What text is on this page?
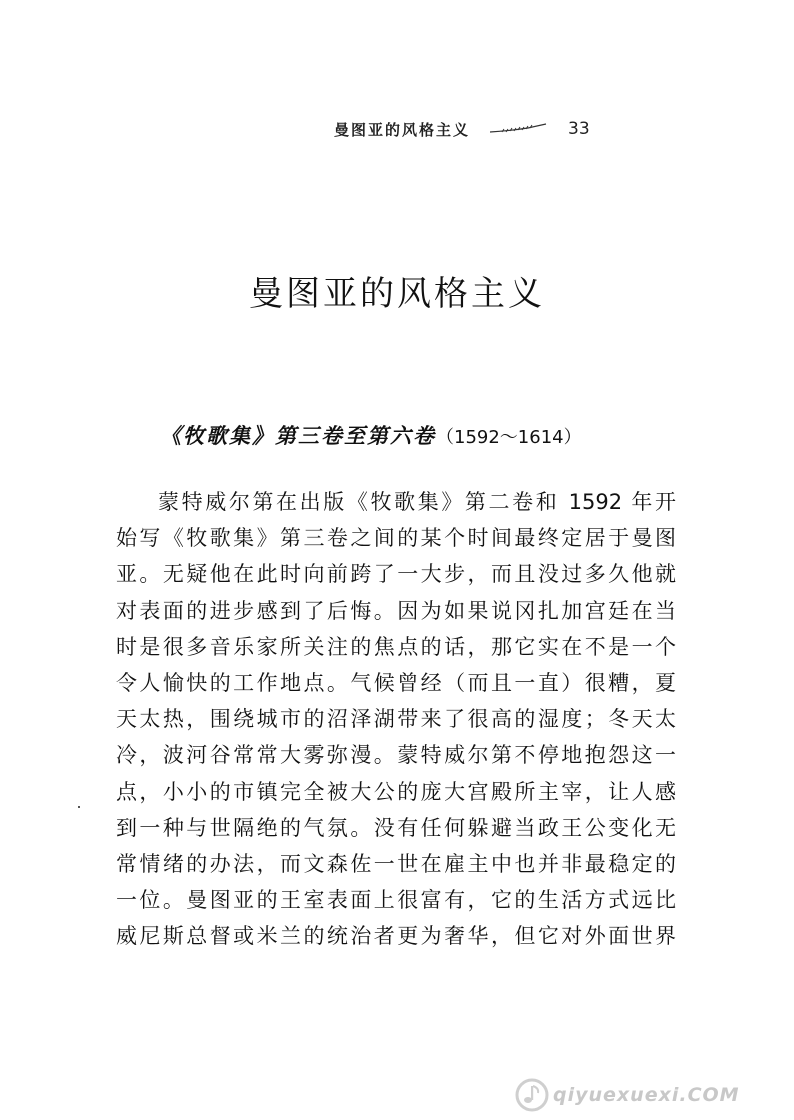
曼图亚的风格主义	33
曼图亚的风格主义
《牧歌集》第三卷至第六卷（1592～1614）
蒙特威尔第在出版《牧歌集》第二卷和 1592 年开
始写《牧歌集》第三卷之间的某个时间最终定居于曼图
亚。无疑他在此时向前跨了一大步，而且没过多久他就
对表面的进步感到了后悔。因为如果说冈扎加宫廷在当
时是很多音乐家所关注的焦点的话，那它实在不是一个
令人愉快的工作地点。气候曾经（而且一直）很糟，夏
天太热，围绕城市的沼泽湖带来了很高的湿度；冬天太
冷，波河谷常常大雾弥漫。蒙特威尔第不停地抱怨这一
点，小小的市镇完全被大公的庞大宫殿所主宰，让人感
到一种与世隔绝的气氛。没有任何躲避当政王公变化无
常情绪的办法，而文森佐一世在雇主中也并非最稳定的
一位。曼图亚的王室表面上很富有，它的生活方式远比
威尼斯总督或米兰的统治者更为奢华，但它对外面世界
qiyuexuexi.COM
